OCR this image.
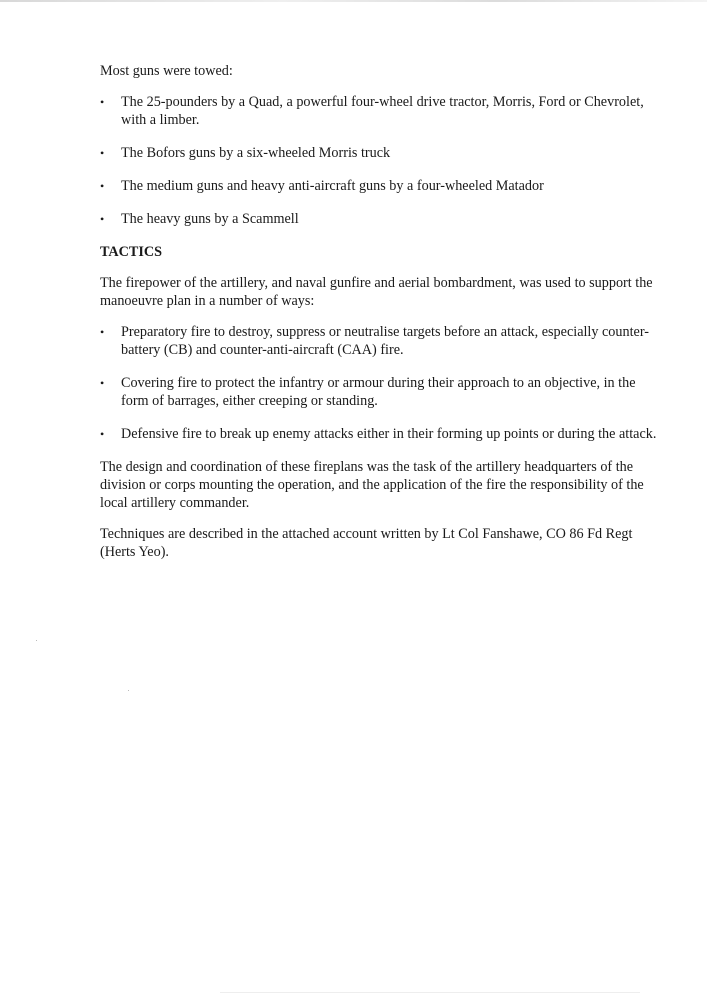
Most guns were towed:

• The 25-pounders by a Quad, a powerful four-wheel drive tractor, Morris, Ford or Chevrolet, with a limber.
• The Bofors guns by a six-wheeled Morris truck
• The medium guns and heavy anti-aircraft guns by a four-wheeled Matador
• The heavy guns by a Scammell

TACTICS

The firepower of the artillery, and naval gunfire and aerial bombardment, was used to support the manoeuvre plan in a number of ways:

• Preparatory fire to destroy, suppress or neutralise targets before an attack, especially counter-battery (CB) and counter-anti-aircraft (CAA) fire.
• Covering fire to protect the infantry or armour during their approach to an objective, in the form of barrages, either creeping or standing.
• Defensive fire to break up enemy attacks either in their forming up points or during the attack.

The design and coordination of these fireplans was the task of the artillery headquarters of the division or corps mounting the operation, and the application of the fire the responsibility of the local artillery commander.

Techniques are described in the attached account written by Lt Col Fanshawe, CO 86 Fd Regt (Herts Yeo).
